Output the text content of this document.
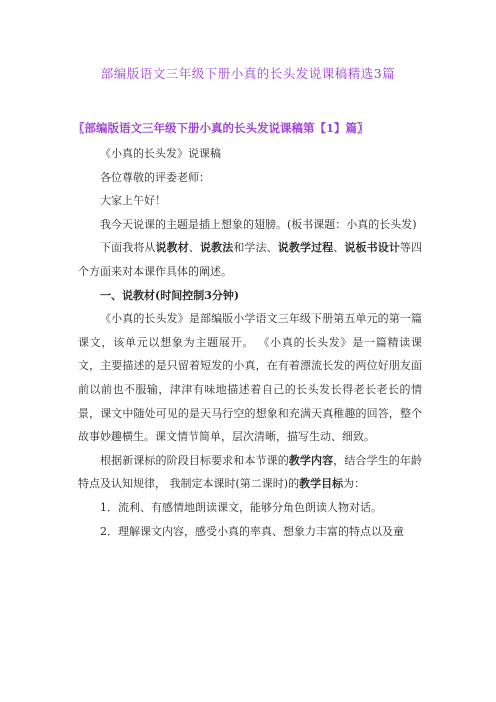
部编版语文三年级下册小真的长头发说课稿精选3篇
〖部编版语文三年级下册小真的长头发说课稿第【1】篇〗

《小真的长头发》说课稿

各位尊敬的评委老师：

大家上午好！

我今天说课的主题是插上想象的翅膀。(板书课题：小真的长头发)

下面我将从说教材、说教法和学法、说教学过程、说板书设计等四个方面来对本课作具体的阐述。

一、说教材(时间控制3分钟)

《小真的长头发》是部编版小学语文三年级下册第五单元的第一篇课文，该单元以想象为主题展开。 《小真的长头发》是一篇精读课文，主要描述的是只留着短发的小真，在有着漂流长发的两位好朋友面前以前也不服输，津津有味地描述着自己的长头发长得老长老长的情景，课文中随处可见的是天马行空的想象和充满天真稚趣的回答，整个故事妙趣横生。课文情节简单，层次清晰，描写生动、细致。

根据新课标的阶段目标要求和本节课的教学内容，结合学生的年龄特点及认知规律， 我制定本课时(第二课时)的教学目标为：

1．流利、有感情地朗读课文，能够分角色朗读人物对话。

2．理解课文内容，感受小真的率真、想象力丰富的特点以及童
